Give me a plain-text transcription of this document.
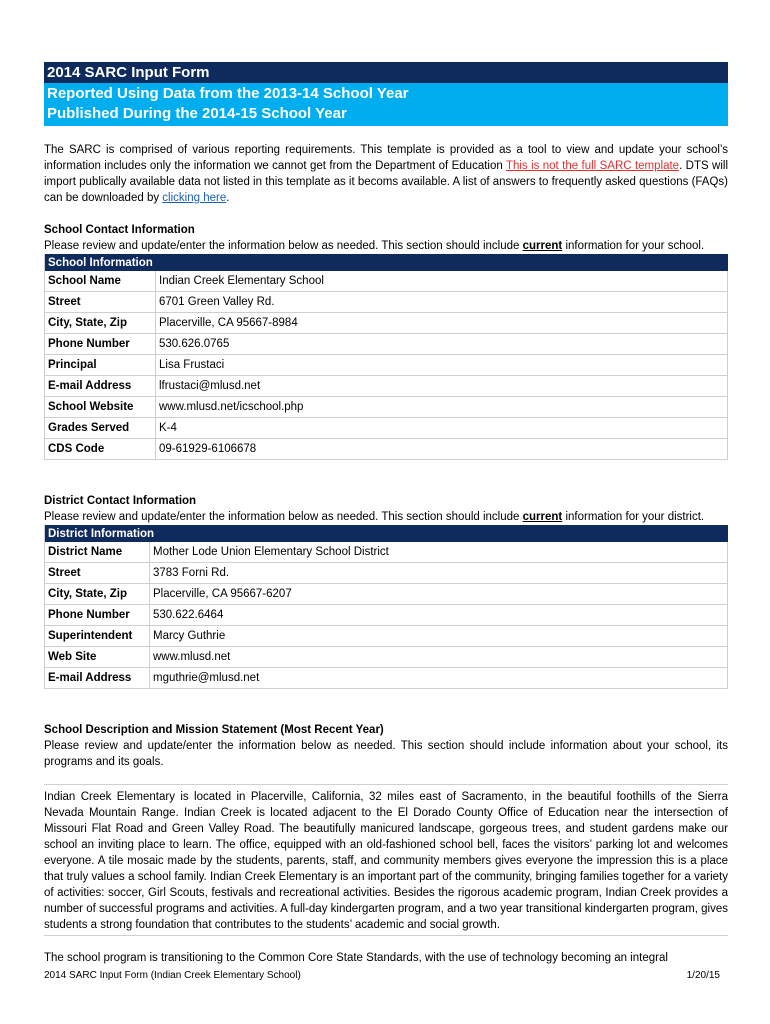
2014 SARC Input Form
Reported Using Data from the 2013-14 School Year
Published During the 2014-15 School Year

The SARC is comprised of various reporting requirements. This template is provided as a tool to view and update your school’s information includes only the information we cannot get from the Department of Education This is not the full SARC template. DTS will import publically available data not listed in this template as it becoms available. A list of answers to frequently asked questions (FAQs) can be downloaded by clicking here.

School Contact Information
Please review and update/enter the information below as needed. This section should include current information for your school.
School Information	
School Name	Indian Creek Elementary School
Street	6701 Green Valley Rd.
City, State, Zip	Placerville, CA 95667-8984
Phone Number	530.626.0765
Principal	Lisa Frustaci
E-mail Address	lfrustaci@mlusd.net
School Website	www.mlusd.net/icschool.php
Grades Served	K-4
CDS Code	09-61929-6106678
District Contact Information
Please review and update/enter the information below as needed. This section should include current information for your district.
District Information	
District Name	Mother Lode Union Elementary School District
Street	3783 Forni Rd.
City, State, Zip	Placerville, CA 95667-6207
Phone Number	530.622.6464
Superintendent	Marcy Guthrie
Web Site	www.mlusd.net
E-mail Address	mguthrie@mlusd.net
School Description and Mission Statement (Most Recent Year)

Please review and update/enter the information below as needed. This section should include information about your school, its programs and its goals.

Indian Creek Elementary is located in Placerville, California, 32 miles east of Sacramento, in the beautiful foothills of the Sierra Nevada Mountain Range. Indian Creek is located adjacent to the El Dorado County Office of Education near the intersection of Missouri Flat Road and Green Valley Road. The beautifully manicured landscape, gorgeous trees, and student gardens make our school an inviting place to learn. The office, equipped with an old-fashioned school bell, faces the visitors’ parking lot and welcomes everyone. A tile mosaic made by the students, parents, staff, and community members gives everyone the impression this is a place that truly values a school family. Indian Creek Elementary is an important part of the community, bringing families together for a variety of activities: soccer, Girl Scouts, festivals and recreational activities. Besides the rigorous academic program, Indian Creek provides a number of successful programs and activities. A full-day kindergarten program, and a two year transitional kindergarten program, gives students a strong foundation that contributes to the students’ academic and social growth.

The school program is transitioning to the Common Core State Standards, with the use of technology becoming an integral

2014 SARC Input Form (Indian Creek Elementary School)	1/20/15
